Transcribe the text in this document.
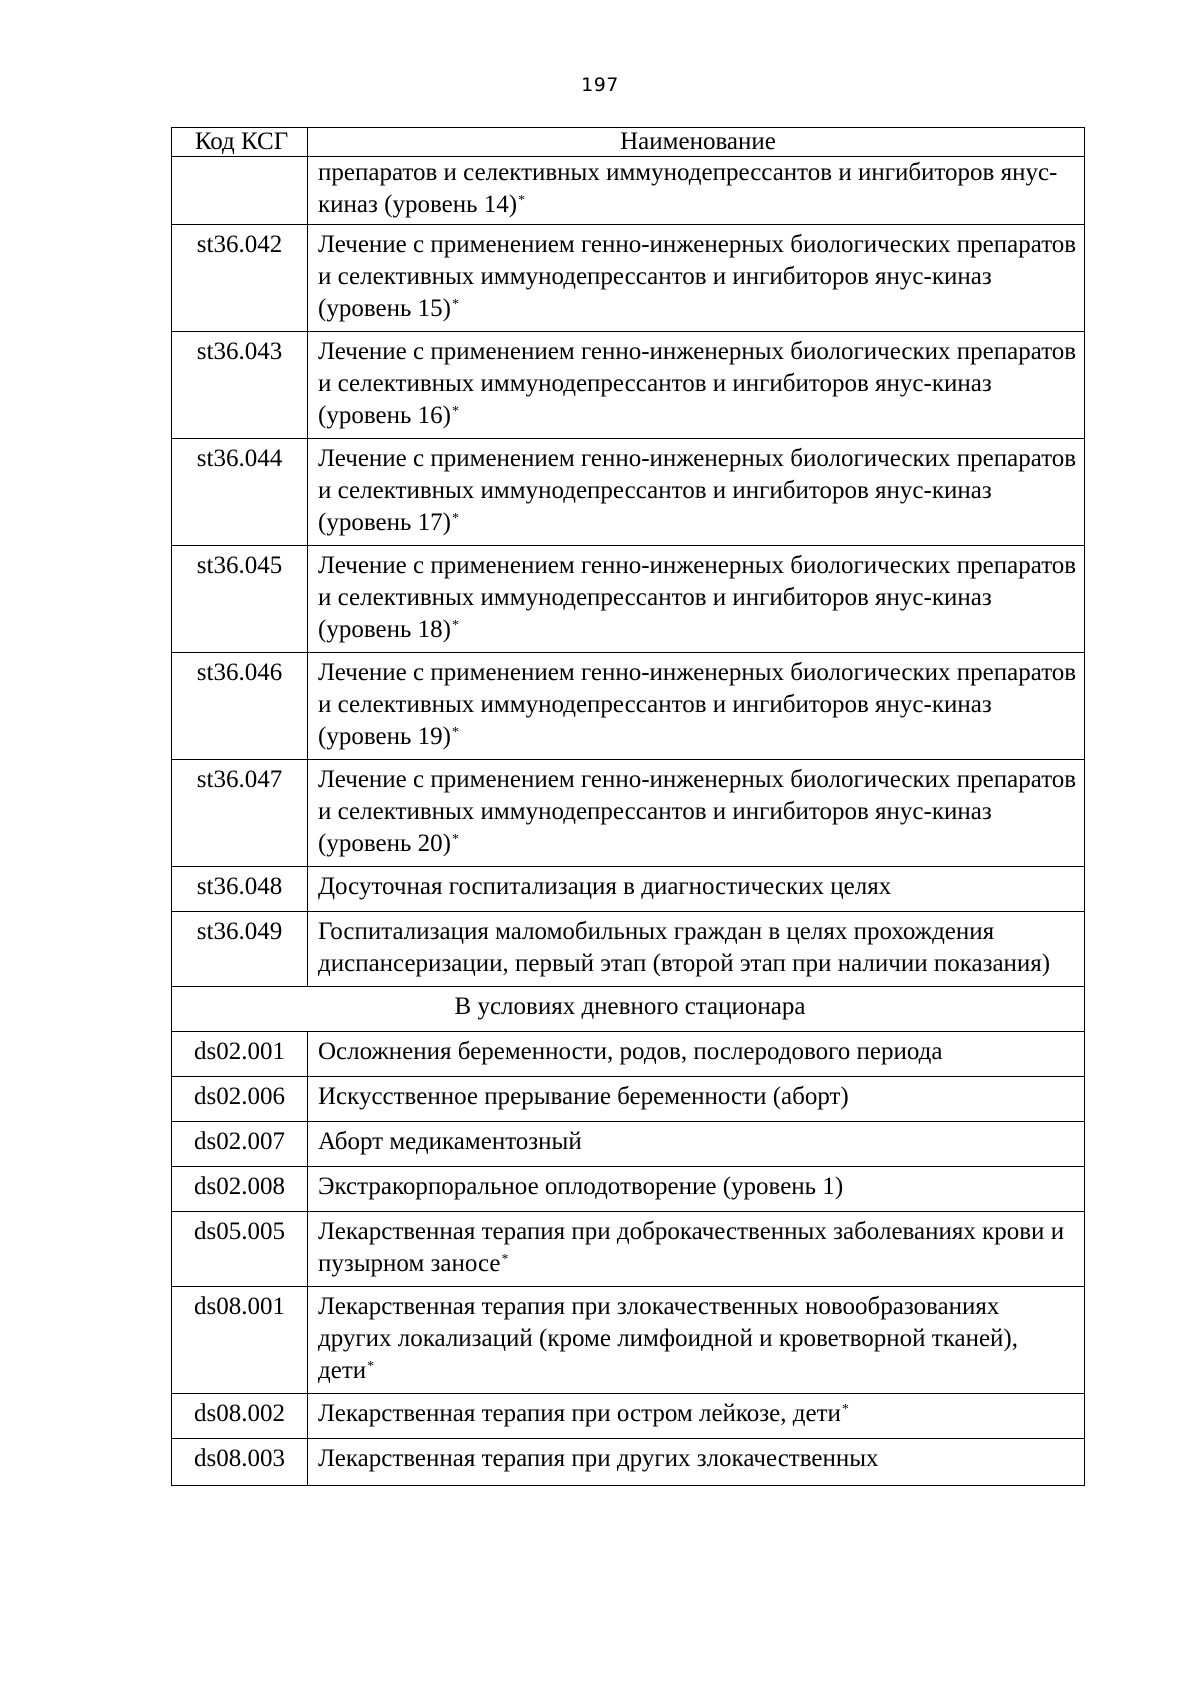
197
Код КСГ	Наименование
	препаратов и селективных иммунодепрессантов и ингибиторов янус-киназ (уровень 14)*
st36.042	Лечение с применением генно-инженерных биологических препаратов и селективных иммунодепрессантов и ингибиторов янус-киназ (уровень 15)*
st36.043	Лечение с применением генно-инженерных биологических препаратов и селективных иммунодепрессантов и ингибиторов янус-киназ (уровень 16)*
st36.044	Лечение с применением генно-инженерных биологических препаратов и селективных иммунодепрессантов и ингибиторов янус-киназ (уровень 17)*
st36.045	Лечение с применением генно-инженерных биологических препаратов и селективных иммунодепрессантов и ингибиторов янус-киназ (уровень 18)*
st36.046	Лечение с применением генно-инженерных биологических препаратов и селективных иммунодепрессантов и ингибиторов янус-киназ (уровень 19)*
st36.047	Лечение с применением генно-инженерных биологических препаратов и селективных иммунодепрессантов и ингибиторов янус-киназ (уровень 20)*
st36.048	Досуточная госпитализация в диагностических целях
st36.049	Госпитализация маломобильных граждан в целях прохождения диспансеризации, первый этап (второй этап при наличии показания)
В условиях дневного стационара	
ds02.001	Осложнения беременности, родов, послеродового периода
ds02.006	Искусственное прерывание беременности (аборт)
ds02.007	Аборт медикаментозный
ds02.008	Экстракорпоральное оплодотворение (уровень 1)
ds05.005	Лекарственная терапия при доброкачественных заболеваниях крови и пузырном заносе*
ds08.001	Лекарственная терапия при злокачественных новообразованиях других локализаций (кроме лимфоидной и кроветворной тканей), дети*
ds08.002	Лекарственная терапия при остром лейкозе, дети*
ds08.003	Лекарственная терапия при других злокачественных
